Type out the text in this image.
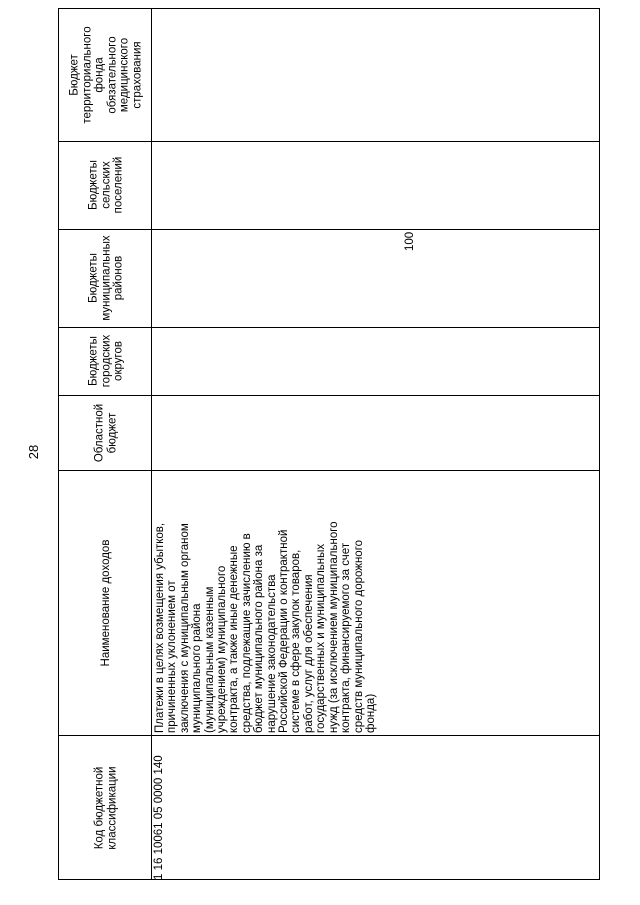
28
Бюджет
территориального
фонда
обязательного
медицинского
страхования
Бюджеты
сельских
поселений
Бюджеты
муниципальных
районов
Бюджеты
городских
округов
Областной
бюджет
Наименование доходов
Код бюджетной
классификации	1 16 10061 05 0000 140
Платежи в целях возмещения убытков,
причиненных уклонением от
заключения с муниципальным органом
муниципального района
(муниципальным казенным
учреждением) муниципального
контракта, а также иные денежные
средства, подлежащие зачислению в
бюджет муниципального района за
нарушение законодательства
Российской Федерации о контрактной
системе в сфере закупок товаров,
работ, услуг для обеспечения
государственных и муниципальных
нужд (за исключением муниципального
контракта, финансируемого за счет
средств муниципального дорожного
фонда)
100
